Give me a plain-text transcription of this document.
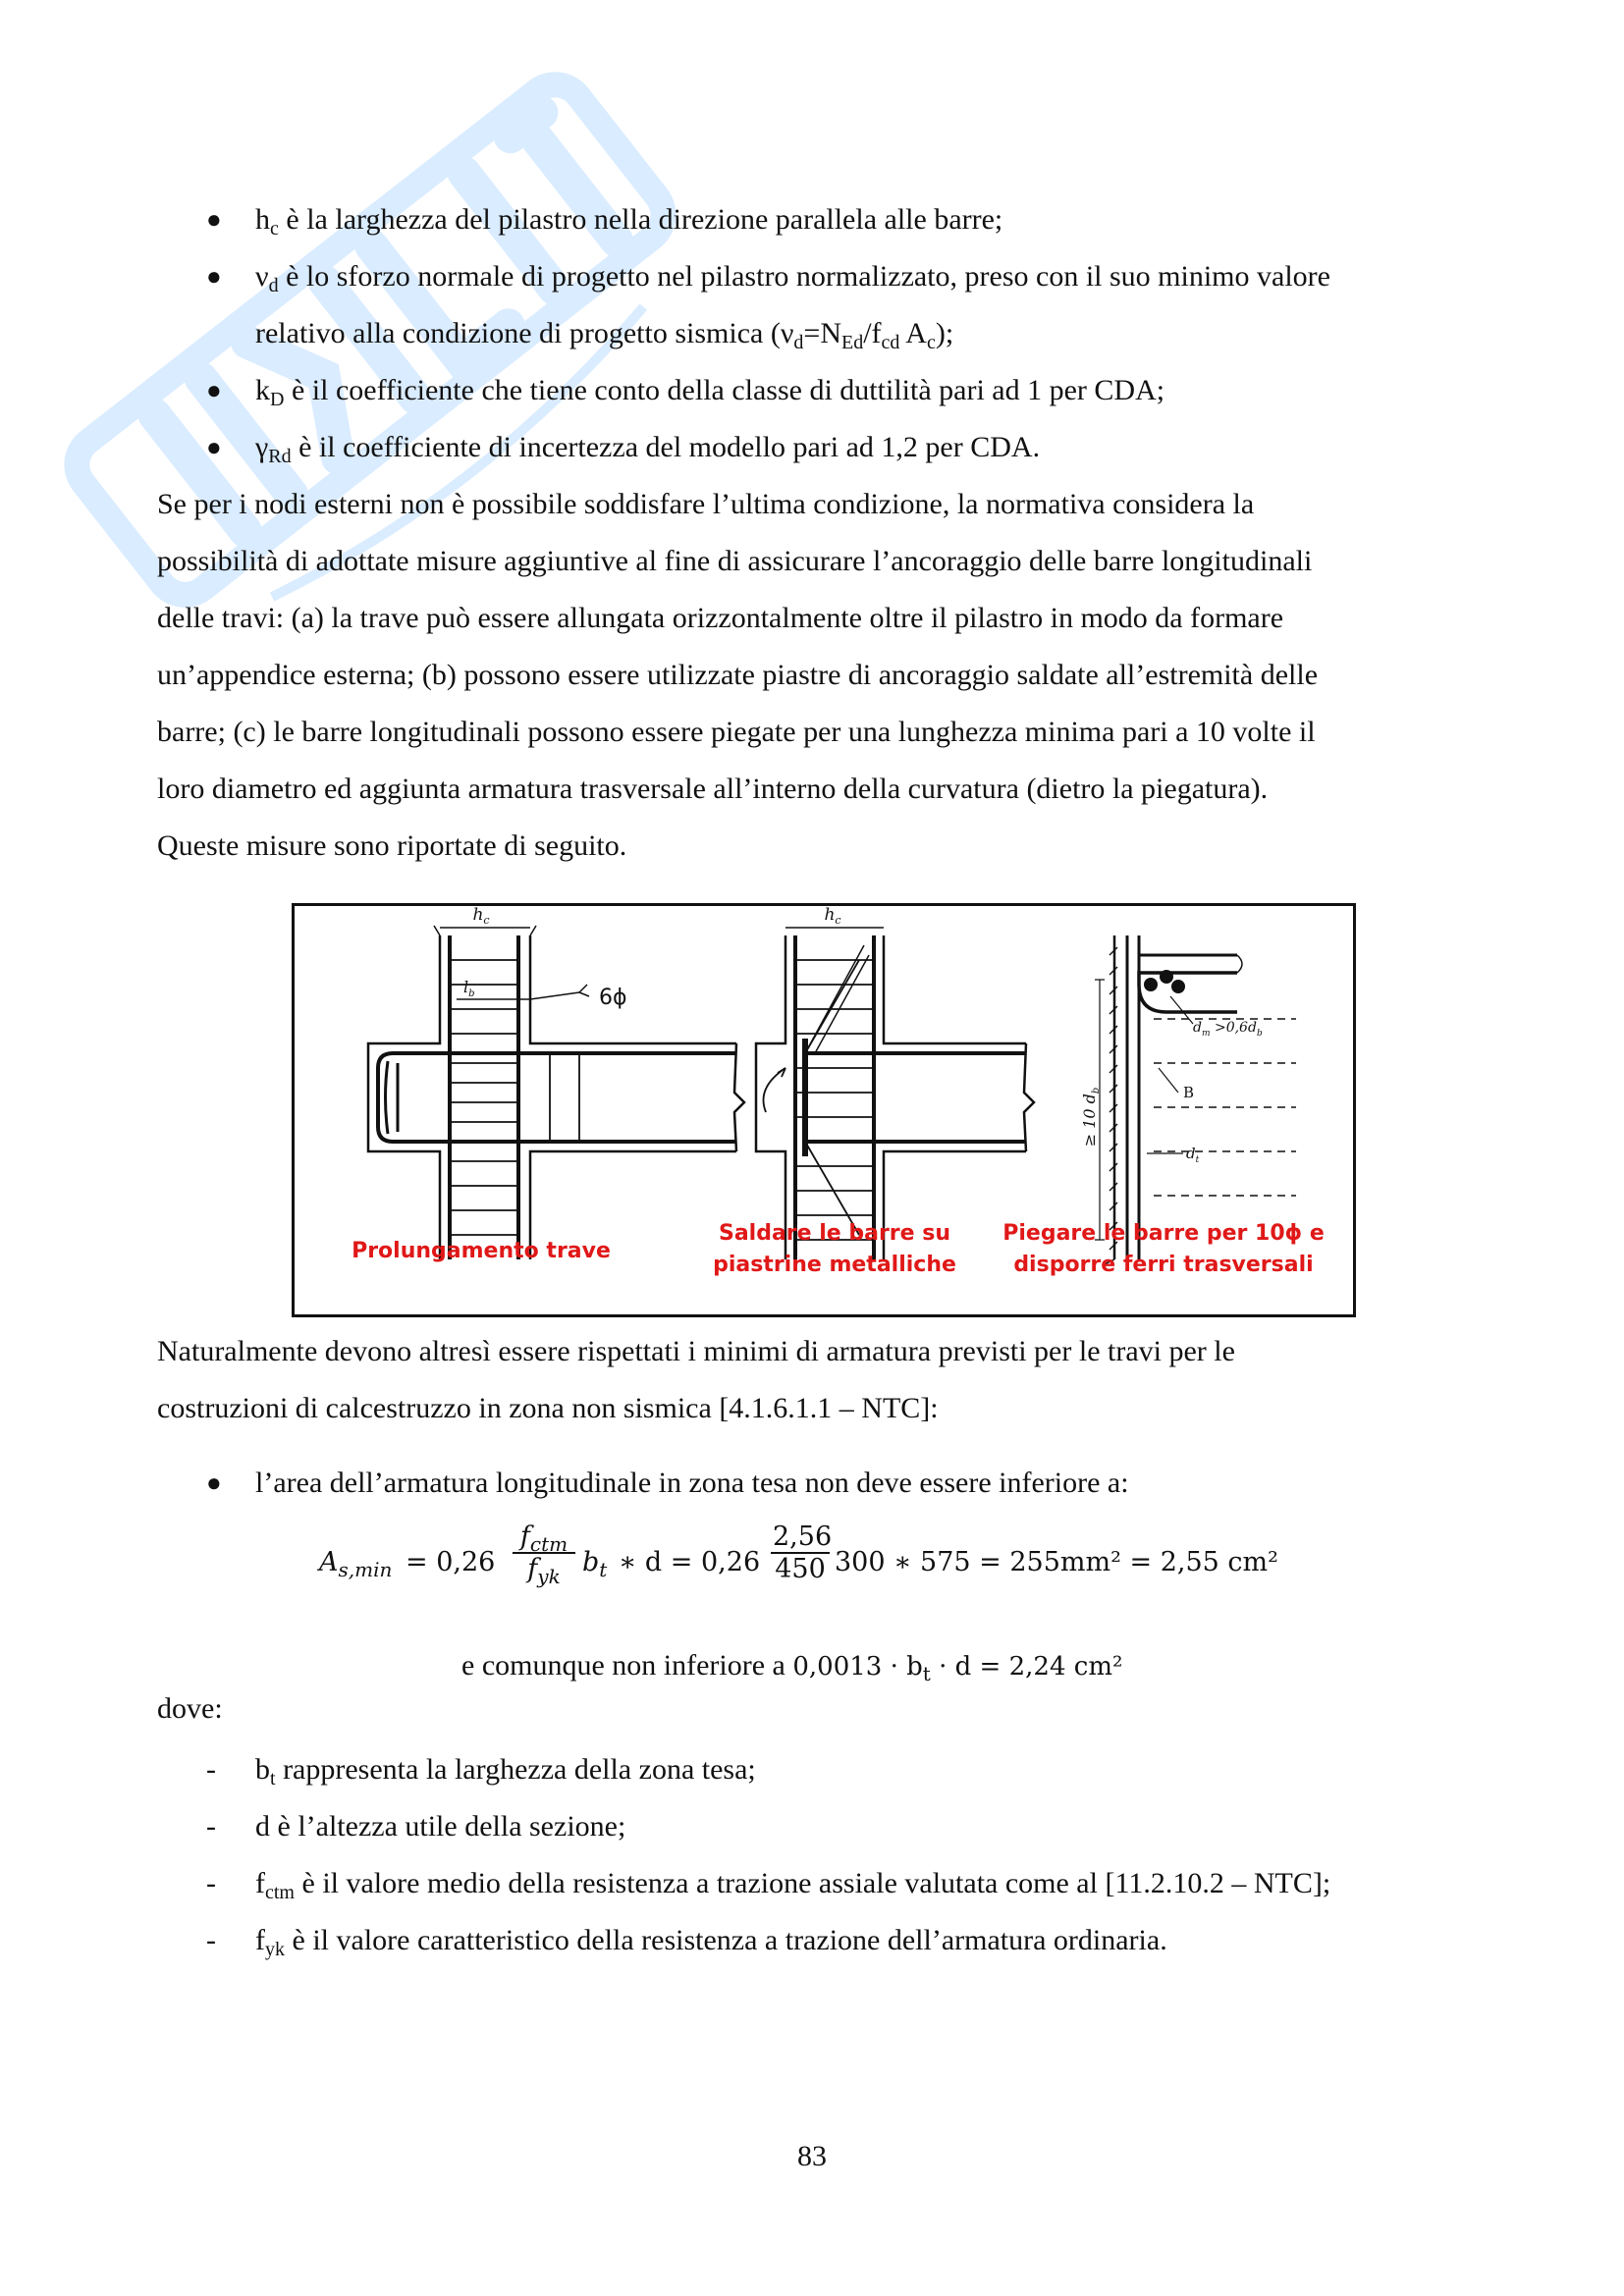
● $h_c$ è la larghezza del pilastro nella direzione parallela alle barre;
● $\nu_d$ è lo sforzo normale di progetto nel pilastro normalizzato, preso con il suo minimo valore
relativo alla condizione di progetto sismica ($\nu_d=N_{Ed}/f_{cd}$ $A_c$);
● $k_D$ è il coefficiente che tiene conto della classe di duttilità pari ad 1 per CDA;
● $\gamma_{Rd}$ è il coefficiente di incertezza del modello pari ad 1,2 per CDA.
Se per i nodi esterni non è possibile soddisfare l’ultima condizione, la normativa considera la
possibilità di adottate misure aggiuntive al fine di assicurare l’ancoraggio delle barre longitudinali
delle travi: (a) la trave può essere allungata orizzontalmente oltre il pilastro in modo da formare
un’appendice esterna; (b) possono essere utilizzate piastre di ancoraggio saldate all’estremità delle
barre; (c) le barre longitudinali possono essere piegate per una lunghezza minima pari a 10 volte il
loro diametro ed aggiunta armatura trasversale all’interno della curvatura (dietro la piegatura).
Queste misure sono riportate di seguito.
$h_c$
$l_b$	6ϕ
$h_c$
≥ 10 $d_b$
$d_m >0,6d_b$
B
$d_t$
Prolungamento trave
Saldare le barre su
piastrine metalliche
Piegare le barre per 10ϕ e
disporre ferri trasversali
Naturalmente devono altresì essere rispettati i minimi di armatura previsti per le travi per le
costruzioni di calcestruzzo in zona non sismica [4.1.6.1.1 – NTC]:
● l’area dell’armatura longitudinale in zona tesa non deve essere inferiore a:
$A_{s,min} = 0,26$
$f_{ctm}$
$f_{yk}$ $b_t$ ∗ $d = 0,26 \frac{2,56}{450} 300$ ∗ 575 = 255mm² = 2,55 cm²
e comunque non inferiore a $0,0013 \cdot b_t \cdot d = 2,24$ cm²
dove:
- $b_t$ rappresenta la larghezza della zona tesa;
- d è l’altezza utile della sezione;
- $f_{ctm}$ è il valore medio della resistenza a trazione assiale valutata come al [11.2.10.2 – NTC];
- $f_{yk}$ è il valore caratteristico della resistenza a trazione dell’armatura ordinaria.
83
